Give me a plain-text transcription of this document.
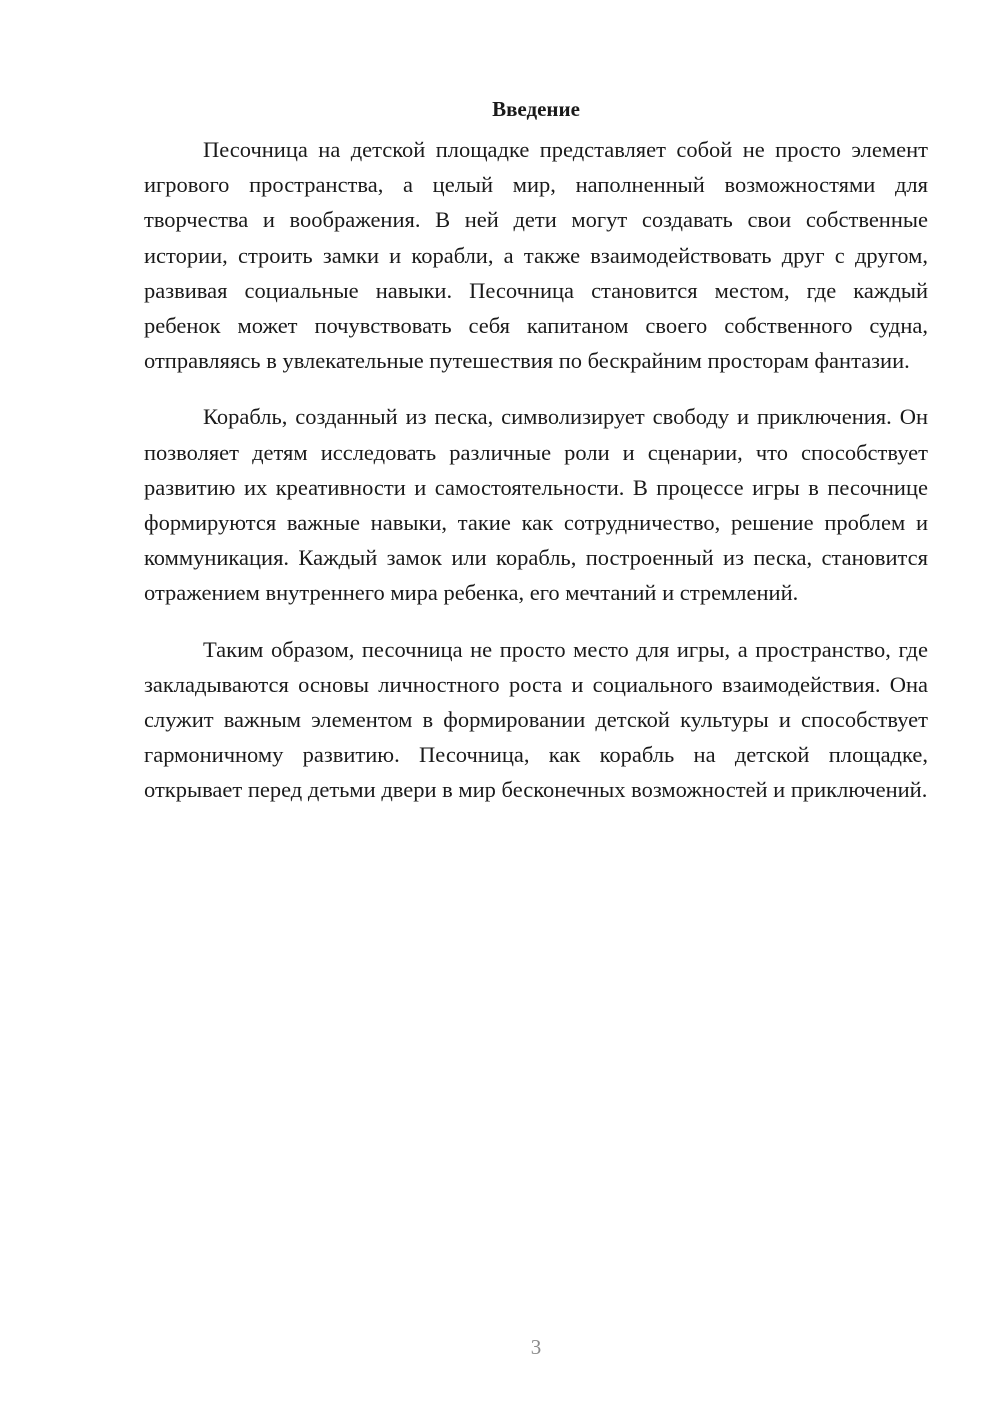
Введение

Песочница на детской площадке представляет собой не просто элемент игрового пространства, а целый мир, наполненный возможностями для творчества и воображения. В ней дети могут создавать свои собственные истории, строить замки и корабли, а также взаимодействовать друг с другом, развивая социальные навыки. Песочница становится местом, где каждый ребенок может почувствовать себя капитаном своего собственного судна, отправляясь в увлекательные путешествия по бескрайним просторам фантазии.

Корабль, созданный из песка, символизирует свободу и приключения. Он позволяет детям исследовать различные роли и сценарии, что способствует развитию их креативности и самостоятельности. В процессе игры в песочнице формируются важные навыки, такие как сотрудничество, решение проблем и коммуникация. Каждый замок или корабль, построенный из песка, становится отражением внутреннего мира ребенка, его мечтаний и стремлений.

Таким образом, песочница не просто место для игры, а пространство, где закладываются основы личностного роста и социального взаимодействия. Она служит важным элементом в формировании детской культуры и способствует гармоничному развитию. Песочница, как корабль на детской площадке, открывает перед детьми двери в мир бесконечных возможностей и приключений.

3
